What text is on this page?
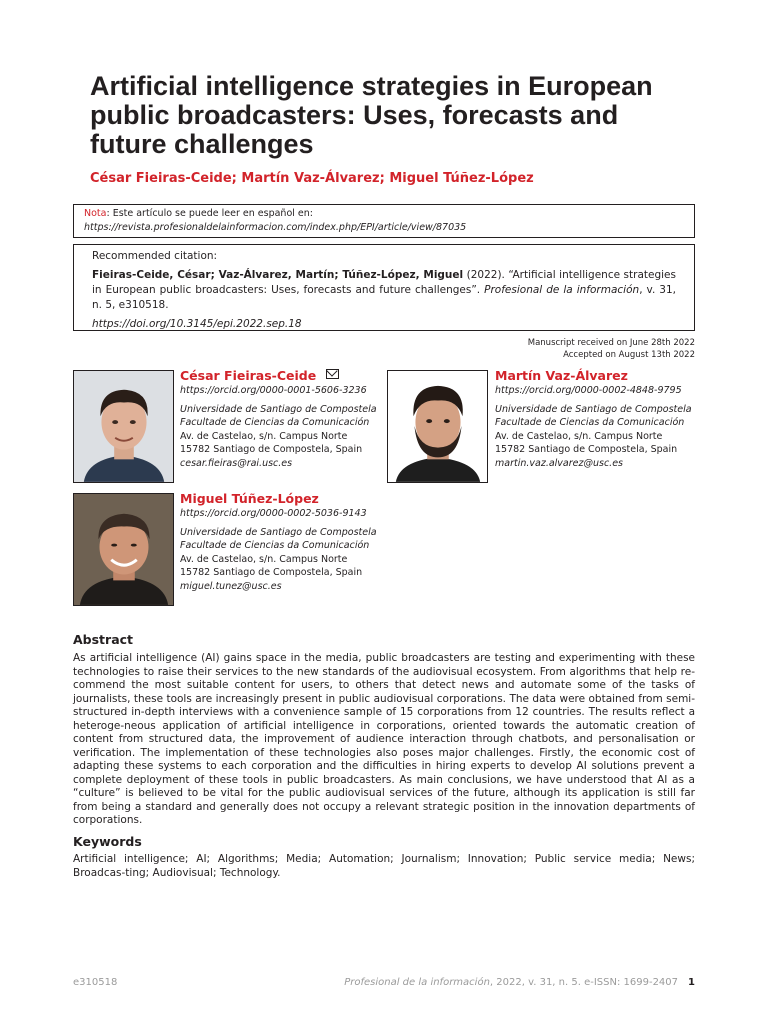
Artificial intelligence strategies in European public broadcasters: Uses, forecasts and future challenges
César Fieiras-Ceide; Martín Vaz-Álvarez; Miguel Túñez-López
Nota: Este artículo se puede leer en español en:
https://revista.profesionaldelainformacion.com/index.php/EPI/article/view/87035
Recommended citation:
Fieiras-Ceide, César; Vaz-Álvarez, Martín; Túñez-López, Miguel (2022). “Artificial intelligence strategies in European public broadcasters: Uses, forecasts and future challenges”. Profesional de la información, v. 31, n. 5, e310518.
https://doi.org/10.3145/epi.2022.sep.18
Manuscript received on June 28th 2022
Accepted on August 13th 2022
César Fieiras-Ceide
https://orcid.org/0000-0001-5606-3236
Universidade de Santiago de Compostela
Facultade de Ciencias da Comunicación
Av. de Castelao, s/n. Campus Norte
15782 Santiago de Compostela, Spain
cesar.fieiras@rai.usc.es
Martín Vaz-Álvarez
https://orcid.org/0000-0002-4848-9795
Universidade de Santiago de Compostela
Facultade de Ciencias da Comunicación
Av. de Castelao, s/n. Campus Norte
15782 Santiago de Compostela, Spain
martin.vaz.alvarez@usc.es
Miguel Túñez-López
https://orcid.org/0000-0002-5036-9143
Universidade de Santiago de Compostela
Facultade de Ciencias da Comunicación
Av. de Castelao, s/n. Campus Norte
15782 Santiago de Compostela, Spain
miguel.tunez@usc.es
Abstract

As artificial intelligence (AI) gains space in the media, public broadcasters are testing and experimenting with these technologies to raise their services to the new standards of the audiovisual ecosystem. From algorithms that help re-commend the most suitable content for users, to others that detect news and automate some of the tasks of journalists, these tools are increasingly present in public audiovisual corporations. The data were obtained from semi-structured in-depth interviews with a convenience sample of 15 corporations from 12 countries. The results reflect a heteroge-neous application of artificial intelligence in corporations, oriented towards the automatic creation of content from structured data, the improvement of audience interaction through chatbots, and personalisation or verification. The implementation of these technologies also poses major challenges. Firstly, the economic cost of adapting these systems to each corporation and the difficulties in hiring experts to develop AI solutions prevent a complete deployment of these tools in public broadcasters. As main conclusions, we have understood that AI as a “culture” is believed to be vital for the public audiovisual services of the future, although its application is still far from being a standard and generally does not occupy a relevant strategic position in the innovation departments of corporations.

Keywords

Artificial intelligence; AI; Algorithms; Media; Automation; Journalism; Innovation; Public service media; News; Broadcas-ting; Audiovisual; Technology.

e310518	Profesional de la información, 2022, v. 31, n. 5. e-ISSN: 1699-2407 1
